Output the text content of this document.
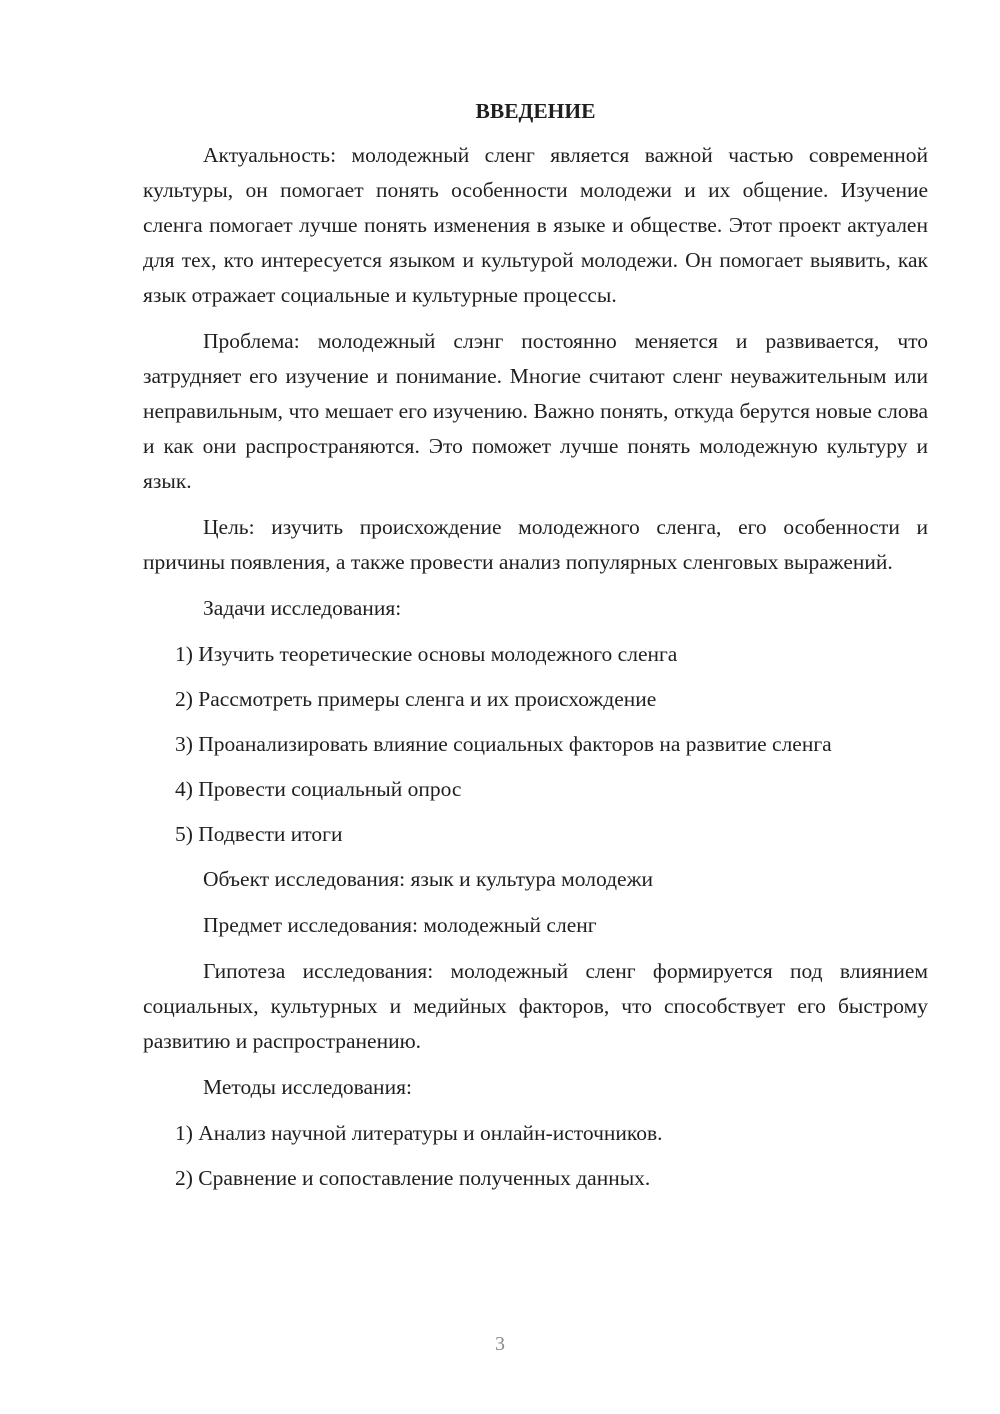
ВВЕДЕНИЕ

Актуальность: молодежный сленг является важной частью современной культуры, он помогает понять особенности молодежи и их общение. Изучение сленга помогает лучше понять изменения в языке и обществе. Этот проект актуален для тех, кто интересуется языком и культурой молодежи. Он помогает выявить, как язык отражает социальные и культурные процессы.

Проблема: молодежный слэнг постоянно меняется и развивается, что затрудняет его изучение и понимание. Многие считают сленг неуважительным или неправильным, что мешает его изучению. Важно понять, откуда берутся новые слова и как они распространяются. Это поможет лучше понять молодежную культуру и язык.

Цель: изучить происхождение молодежного сленга, его особенности и причины появления, а также провести анализ популярных сленговых выражений.

Задачи исследования:

1) Изучить теоретические основы молодежного сленга

2) Рассмотреть примеры сленга и их происхождение

3) Проанализировать влияние социальных факторов на развитие сленга

4) Провести социальный опрос

5) Подвести итоги

Объект исследования: язык и культура молодежи

Предмет исследования: молодежный сленг

Гипотеза исследования: молодежный сленг формируется под влиянием социальных, культурных и медийных факторов, что способствует его быстрому развитию и распространению.

Методы исследования:

1) Анализ научной литературы и онлайн-источников.

2) Сравнение и сопоставление полученных данных.

3
